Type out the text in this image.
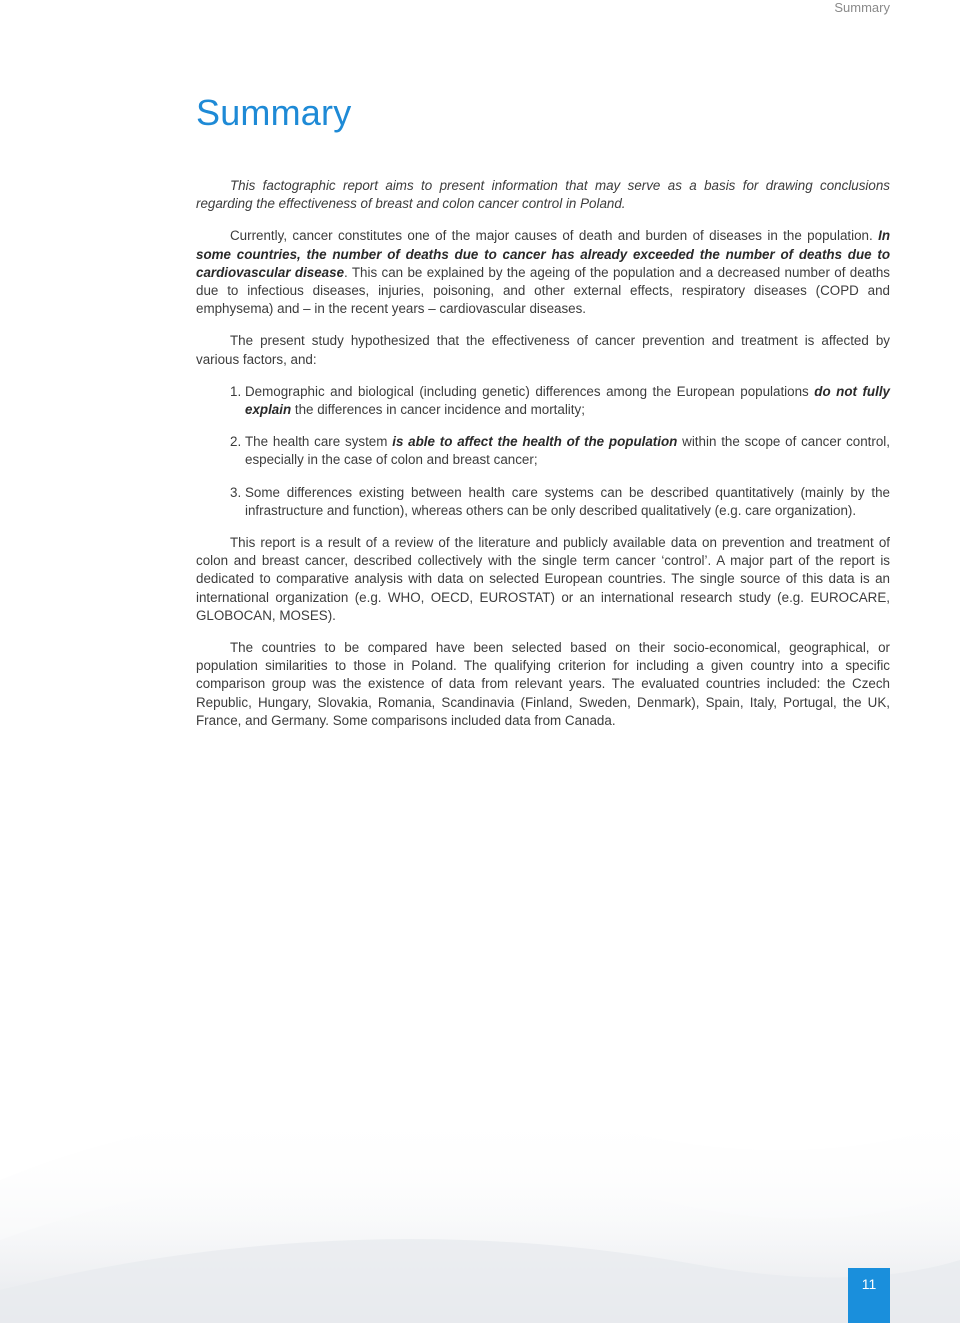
Summary
Summary

This factographic report aims to present information that may serve as a basis for drawing conclusions regarding the effectiveness of breast and colon cancer control in Poland.

Currently, cancer constitutes one of the major causes of death and burden of diseases in the population. In some countries, the number of deaths due to cancer has already exceeded the number of deaths due to cardiovascular disease. This can be explained by the ageing of the population and a decreased number of deaths due to infectious diseases, injuries, poisoning, and other external effects, respiratory diseases (COPD and emphysema) and – in the recent years – cardiovascular diseases.

The present study hypothesized that the effectiveness of cancer prevention and treatment is affected by various factors, and:

1. Demographic and biological (including genetic) differences among the European populations do not fully explain the differences in cancer incidence and mortality;
2. The health care system is able to affect the health of the population within the scope of cancer control, especially in the case of colon and breast cancer;
3. Some differences existing between health care systems can be described quantitatively (mainly by the infrastructure and function), whereas others can be only described qualitatively (e.g. care organization).

This report is a result of a review of the literature and publicly available data on prevention and treatment of colon and breast cancer, described collectively with the single term cancer ‘control’. A major part of the report is dedicated to comparative analysis with data on selected European countries. The single source of this data is an international organization (e.g. WHO, OECD, EUROSTAT) or an international research study (e.g. EUROCARE, GLOBOCAN, MOSES).

The countries to be compared have been selected based on their socio-economical, geographical, or population similarities to those in Poland. The qualifying criterion for including a given country into a specific comparison group was the existence of data from relevant years. The evaluated countries included: the Czech Republic, Hungary, Slovakia, Romania, Scandinavia (Finland, Sweden, Denmark), Spain, Italy, Portugal, the UK, France, and Germany. Some comparisons included data from Canada.

11
